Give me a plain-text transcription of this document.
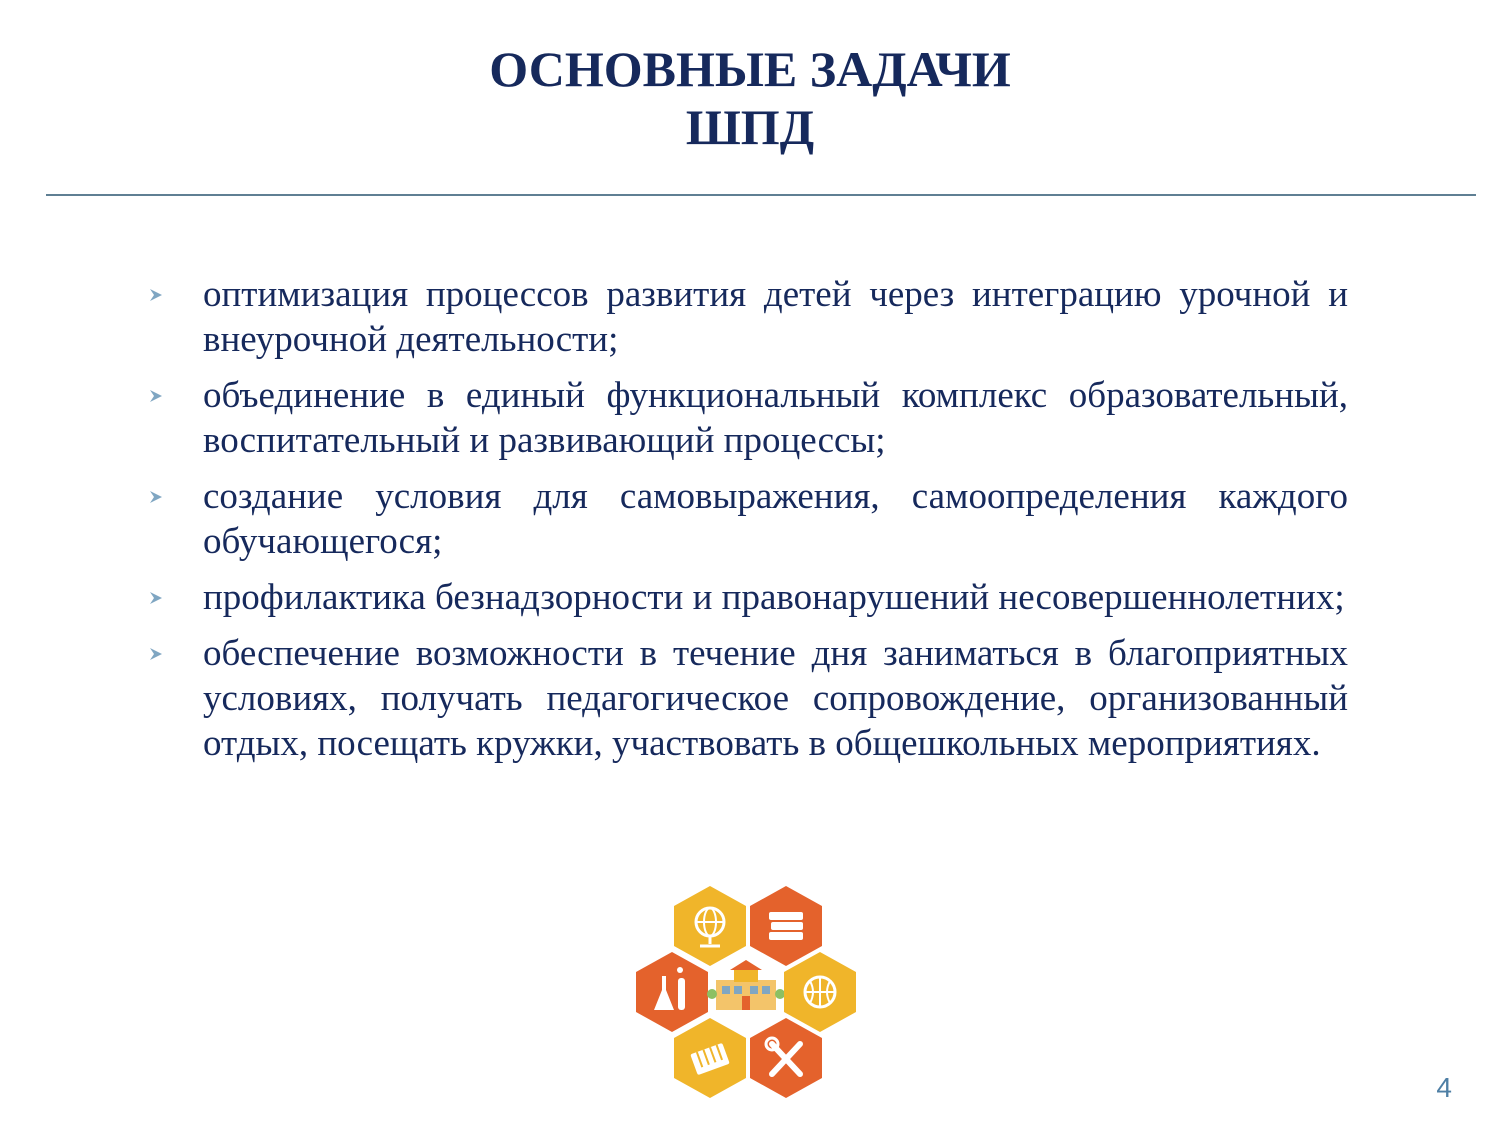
ОСНОВНЫЕ ЗАДАЧИ
ШПД
оптимизация процессов развития детей через интеграцию урочной и внеурочной деятельности;
объединение в единый функциональный комплекс образовательный, воспитательный и развивающий процессы;
создание условия для самовыражения, самоопределения каждого обучающегося;
профилактика безнадзорности и правонарушений несовершеннолетних;
обеспечение возможности в течение дня заниматься в благоприятных условиях, получать педагогическое сопровождение, организованный отдых, посещать кружки, участвовать в общешкольных мероприятиях.
4
